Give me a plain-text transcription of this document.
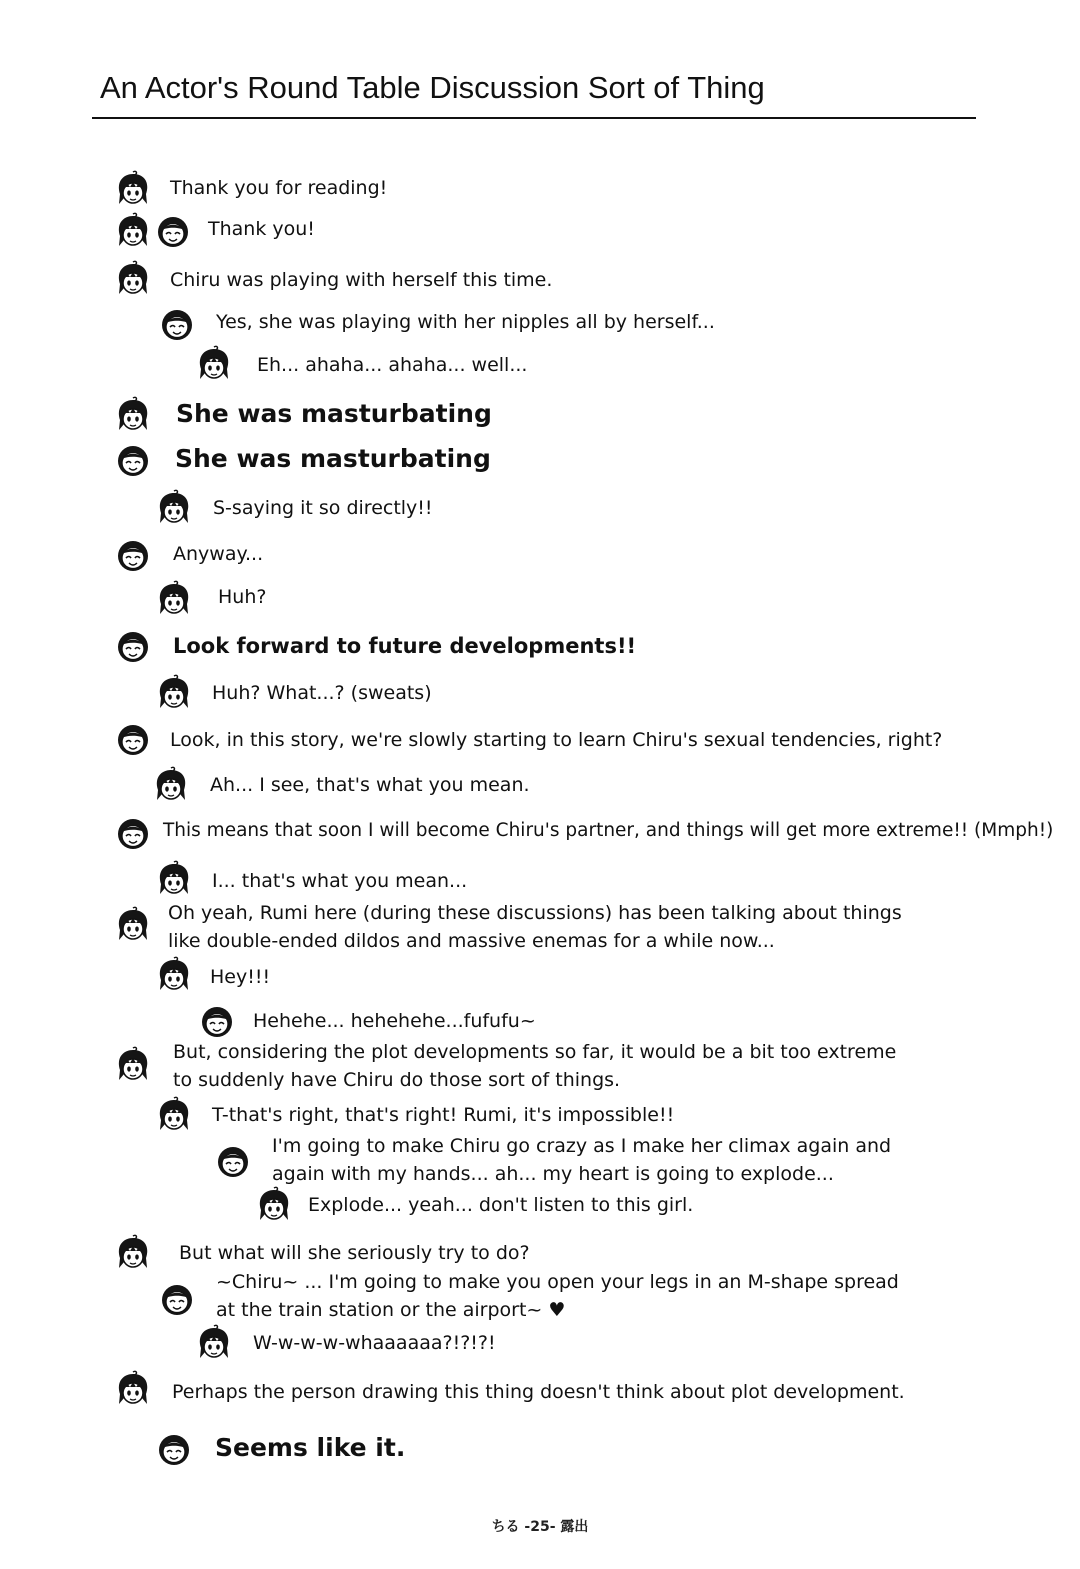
An Actor's Round Table Discussion Sort of Thing
Thank you for reading!
Thank you!
Chiru was playing with herself this time.
Yes, she was playing with her nipples all by herself...
Eh... ahaha... ahaha... well...
She was masturbating
She was masturbating
S-saying it so directly!!
Anyway...
Huh?
Look forward to future developments!!
Huh? What...? (sweats)
Look, in this story, we're slowly starting to learn Chiru's sexual tendencies, right?
Ah... I see, that's what you mean.
This means that soon I will become Chiru's partner, and things will get more extreme!! (Mmph!)
I... that's what you mean...
Oh yeah, Rumi here (during these discussions) has been talking about things
like double-ended dildos and massive enemas for a while now...
Hey!!!
Hehehe... hehehehe...fufufu~
But, considering the plot developments so far, it would be a bit too extreme
to suddenly have Chiru do those sort of things.
T-that's right, that's right! Rumi, it's impossible!!
I'm going to make Chiru go crazy as I make her climax again and
again with my hands... ah... my heart is going to explode...
Explode... yeah... don't listen to this girl.
But what will she seriously try to do?
~Chiru~ ... I'm going to make you open your legs in an M-shape spread
at the train station or the airport~ ♥
W-w-w-w-whaaaaaa?!?!?!
Perhaps the person drawing this thing doesn't think about plot development.
Seems like it.
ちる -25- 露出
